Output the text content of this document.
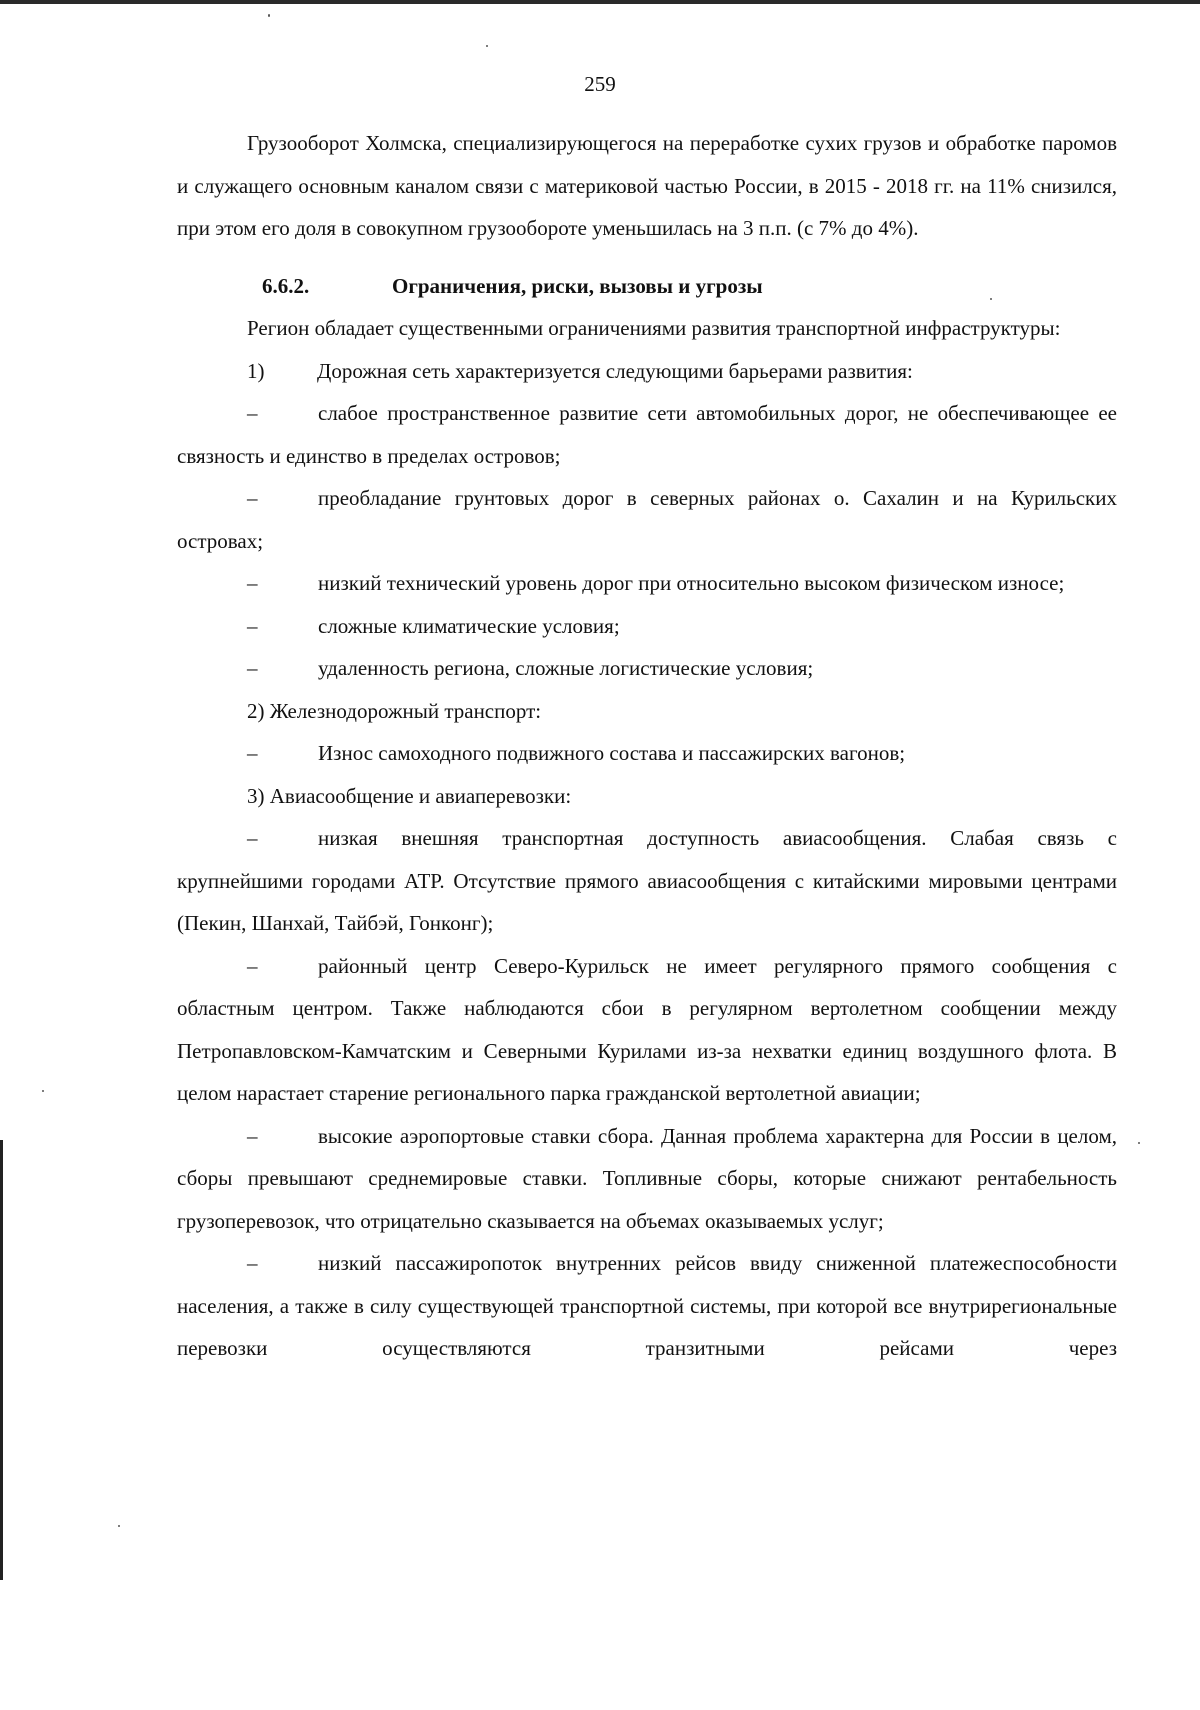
259

Грузооборот Холмска, специализирующегося на переработке сухих грузов и обработке паромов и служащего основным каналом связи с материковой частью России, в 2015 - 2018 гг. на 11% снизился, при этом его доля в совокупном грузообороте уменьшилась на 3 п.п. (с 7% до 4%).

6.6.2.	Ограничения, риски, вызовы и угрозы

Регион обладает существенными ограничениями развития транспортной инфраструктуры:

1)	Дорожная сеть характеризуется следующими барьерами развития:

–	слабое пространственное развитие сети автомобильных дорог, не обеспечивающее ее связность и единство в пределах островов;

–	преобладание грунтовых дорог в северных районах о. Сахалин и на Курильских островах;

–	низкий технический уровень дорог при относительно высоком физическом износе;

–	сложные климатические условия;

–	удаленность региона, сложные логистические условия;

2) Железнодорожный транспорт:

–	Износ самоходного подвижного состава и пассажирских вагонов;

3) Авиасообщение и авиаперевозки:

–	низкая внешняя транспортная доступность авиасообщения. Слабая связь с крупнейшими городами АТР. Отсутствие прямого авиасообщения с китайскими мировыми центрами (Пекин, Шанхай, Тайбэй, Гонконг);

–	районный центр Северо-Курильск не имеет регулярного прямого сообщения с областным центром. Также наблюдаются сбои в регулярном вертолетном сообщении между Петропавловском-Камчатским и Северными Курилами из-за нехватки единиц воздушного флота. В целом нарастает старение регионального парка гражданской вертолетной авиации;

–	высокие аэропортовые ставки сбора. Данная проблема характерна для России в целом, сборы превышают среднемировые ставки. Топливные сборы, которые снижают рентабельность грузоперевозок, что отрицательно сказывается на объемах оказываемых услуг;

–	низкий пассажиропоток внутренних рейсов ввиду сниженной платежеспособности населения, а также в силу существующей транспортной системы, при которой все внутрирегиональные перевозки осуществляются транзитными рейсами через
